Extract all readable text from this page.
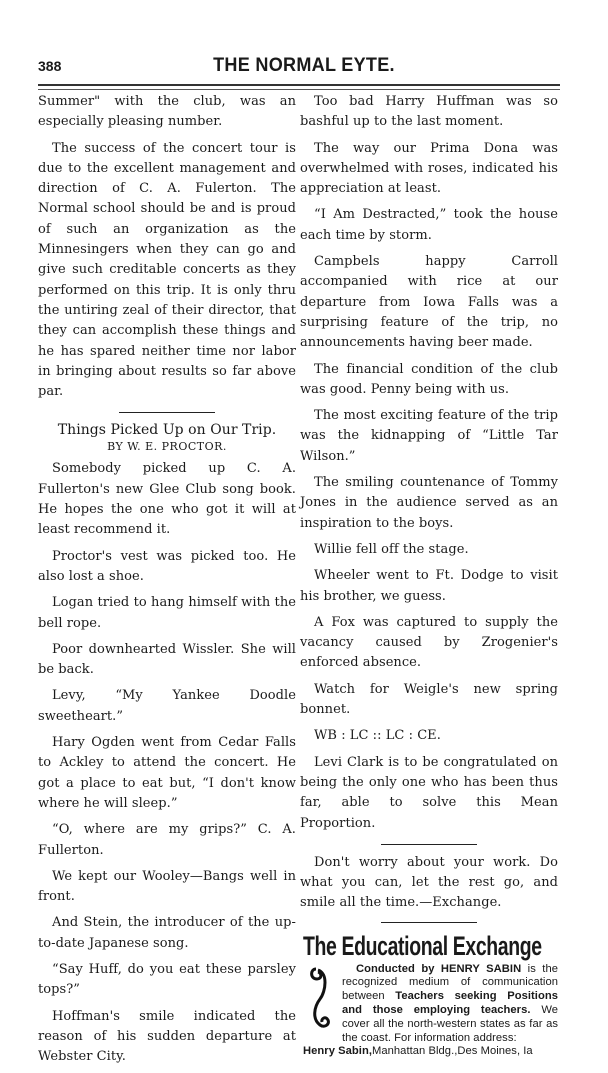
388	THE NORMAL EYTE.

Summer" with the club, was an especially pleasing number.

The success of the concert tour is due to the excellent management and direction of C. A. Fulerton. The Normal school should be and is proud of such an organization as the Minnesingers when they can go and give such creditable concerts as they performed on this trip. It is only thru the untiring zeal of their director, that they can accomplish these things and he has spared neither time nor labor in bringing about results so far above par.

Things Picked Up on Our Trip.
BY W. E. PROCTOR.

Somebody picked up C. A. Fullerton's new Glee Club song book. He hopes the one who got it will at least recommend it.

Proctor's vest was picked too. He also lost a shoe.

Logan tried to hang himself with the bell rope.

Poor downhearted Wissler. She will be back.

Levy, “My Yankee Doodle sweetheart.”

Hary Ogden went from Cedar Falls to Ackley to attend the concert. He got a place to eat but, “I don't know where he will sleep.”

“O, where are my grips?” C. A. Fullerton.

We kept our Wooley—Bangs well in front.

And Stein, the introducer of the up-to-date Japanese song.

“Say Huff, do you eat these parsley tops?”

Hoffman's smile indicated the reason of his sudden departure at Webster City.

Too bad Harry Huffman was so bashful up to the last moment.

The way our Prima Dona was overwhelmed with roses, indicated his appreciation at least.

“I Am Destracted,” took the house each time by storm.

Campbels happy Carroll accompanied with rice at our departure from Iowa Falls was a surprising feature of the trip, no announcements having beer made.

The financial condition of the club was good. Penny being with us.

The most exciting feature of the trip was the kidnapping of “Little Tar Wilson.”

The smiling countenance of Tommy Jones in the audience served as an inspiration to the boys.

Willie fell off the stage.

Wheeler went to Ft. Dodge to visit his brother, we guess.

A Fox was captured to supply the vacancy caused by Zrogenier's enforced absence.

Watch for Weigle's new spring bonnet.

WB : LC :: LC : CE.

Levi Clark is to be congratulated on being the only one who has been thus far, able to solve this Mean Proportion.

Don't worry about your work. Do what you can, let the rest go, and smile all the time.—Exchange.

The Educational Exchange
Conducted by HENRY SABIN is the recognized medium of communication between Teachers seeking Positions and those employing teachers. We cover all the north-western states as far as the coast. For information address:
Henry Sabin,Manhattan Bldg.,Des Moines, Ia
